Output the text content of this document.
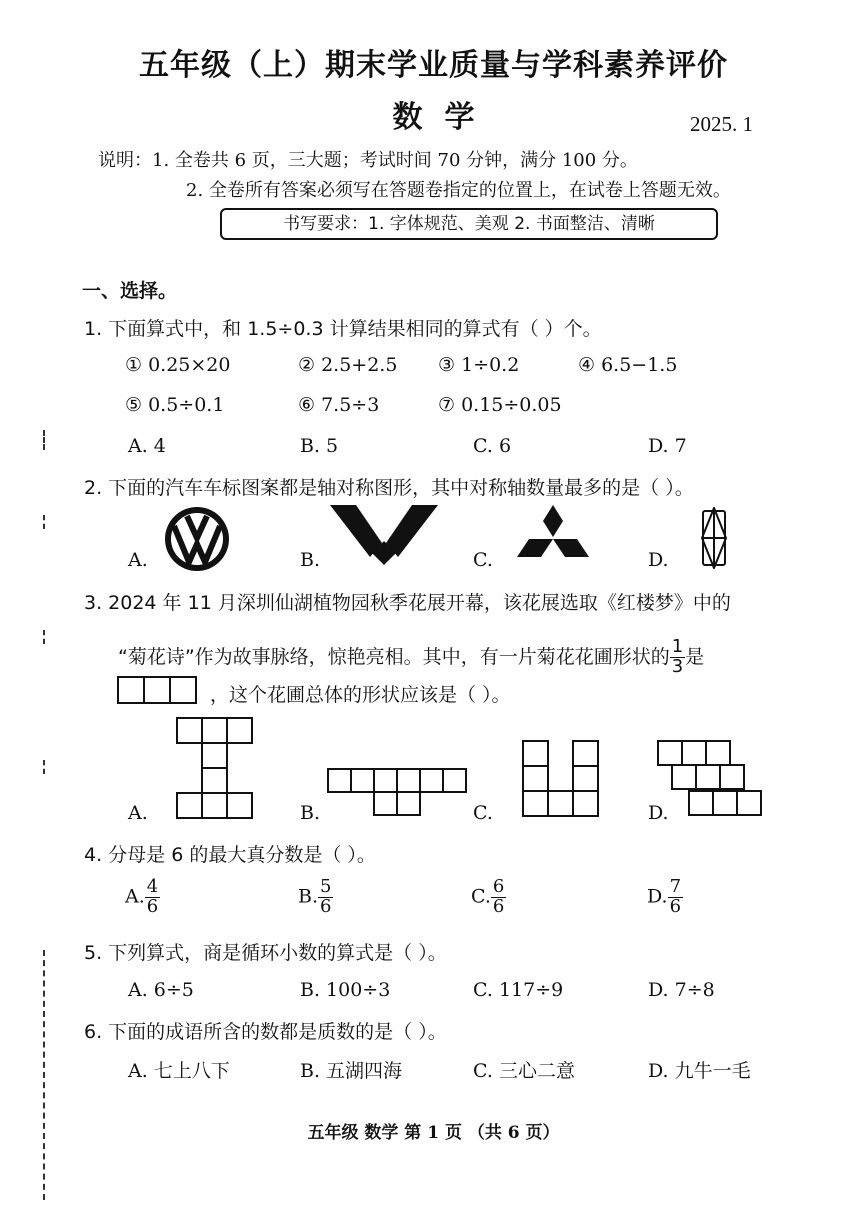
五年级（上）期末学业质量与学科素养评价
数学	2025. 1
说明：1. 全卷共 6 页，三大题；考试时间 70 分钟，满分 100 分。
2. 全卷所有答案必须写在答题卷指定的位置上，在试卷上答题无效。
书写要求：1. 字体规范、美观 2. 书面整洁、清晰
一、选择。
1. 下面算式中，和 1.5÷0.3 计算结果相同的算式有（ ）个。
① 0.25×20	② 2.5+2.5 ③ 1÷0.2	④ 6.5−1.5
⑤ 0.5÷0.1	⑥ 7.5÷3	⑦ 0.15÷0.05
A. 4	B. 5	C. 6	D. 7
2. 下面的汽车车标图案都是轴对称图形，其中对称轴数量最多的是（ ）。
A.	B.	C.	D.
3. 2024 年 11 月深圳仙湖植物园秋季花展开幕，该花展选取《红楼梦》中的
“菊花诗”作为故事脉络，惊艳亮相。其中，有一片菊花花圃形状的 $\frac{1}{3}$ 是
，这个花圃总体的形状应该是（ ）。
A.	B.	C.	D.
4. 分母是 6 的最大真分数是（ ）。
A. $\frac{4}{6}$	B. $\frac{5}{6}$	C. $\frac{6}{6}$	D. $\frac{7}{6}$
5. 下列算式，商是循环小数的算式是（ ）。
A. 6÷5	B. 100÷3	C. 117÷9	D. 7÷8
6. 下面的成语所含的数都是质数的是（ ）。
A. 七上八下	B. 五湖四海	C. 三心二意	D. 九牛一毛
五年级 数学 第 1 页 （共 6 页）
